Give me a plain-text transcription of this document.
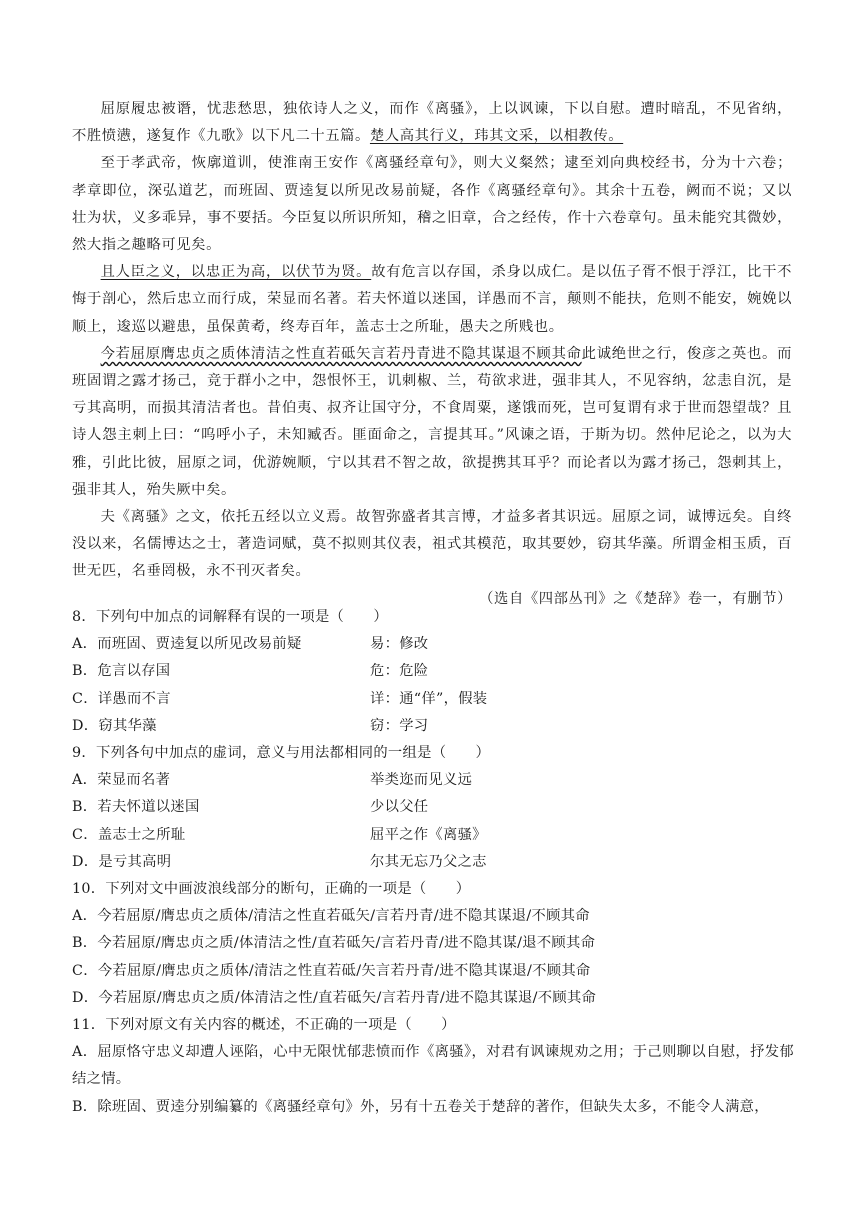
屈原履忠被谮，忧悲愁思，独依诗人之义，而作《离骚》，上以讽谏，下以自慰。遭时暗乱，不见省纳，不胜愤懑，遂复作《九歌》以下凡二十五篇。楚人高其行义，玮其文采，以相教传。

至于孝武帝，恢廓道训，使淮南王安作《离骚经章句》，则大义粲然；逮至刘向典校经书，分为十六卷；孝章即位，深弘道艺，而班固、贾逵复以所见改易前疑，各作《离骚经章句》。其余十五卷，阙而不说；又以壮为状，义多乖异，事不要括。今臣复以所识所知，稽之旧章，合之经传，作十六卷章句。虽未能究其微妙，然大指之趣略可见矣。

且人臣之义，以忠正为高，以伏节为贤。故有危言以存国，杀身以成仁。是以伍子胥不恨于浮江，比干不悔于剖心，然后忠立而行成，荣显而名著。若夫怀道以迷国，详愚而不言，颠则不能扶，危则不能安，婉娩以顺上，逡巡以避患，虽保黄耇，终寿百年，盖志士之所耻，愚夫之所贱也。

今若屈原膺忠贞之质体清洁之性直若砥矢言若丹青进不隐其谋退不顾其命此诚绝世之行，俊彦之英也。而班固谓之露才扬己，竞于群小之中，怨恨怀王，讥刺椒、兰，苟欲求进，强非其人，不见容纳，忿恚自沉，是亏其高明，而损其清洁者也。昔伯夷、叔齐让国守分，不食周粟，遂饿而死，岂可复谓有求于世而怨望哉？且诗人怨主刺上曰：“呜呼小子，未知臧否。匪面命之，言提其耳。”风谏之语，于斯为切。然仲尼论之，以为大雅，引此比彼，屈原之词，优游婉顺，宁以其君不智之故，欲提携其耳乎？而论者以为露才扬己，怨刺其上，强非其人，殆失厥中矣。

夫《离骚》之文，依托五经以立义焉。故智弥盛者其言博，才益多者其识远。屈原之词，诚博远矣。自终没以来，名儒博达之士，著造词赋，莫不拟则其仪表，祖式其模范，取其要妙，窃其华藻。所谓金相玉质，百世无匹，名垂罔极，永不刊灭者矣。

（选自《四部丛刊》之《楚辞》卷一，有删节）

8．下列句中加点的词解释有误的一项是（　　）

A．而班固、贾逵复以所见改易前疑	易：修改
B．危言以存国	危：危险
C．详愚而不言	详：通“佯”，假装
D．窃其华藻	窃：学习

9．下列各句中加点的虚词，意义与用法都相同的一组是（　　）

A．荣显而名著	举类迩而见义远
B．若夫怀道以迷国	少以父任
C．盖志士之所耻	屈平之作《离骚》
D．是亏其高明	尔其无忘乃父之志

10．下列对文中画波浪线部分的断句，正确的一项是（　　）

A．今若屈原/膺忠贞之质体/清洁之性直若砥矢/言若丹青/进不隐其谋退/不顾其命

B．今若屈原/膺忠贞之质/体清洁之性/直若砥矢/言若丹青/进不隐其谋/退不顾其命

C．今若屈原/膺忠贞之质体/清洁之性直若砥/矢言若丹青/进不隐其谋退/不顾其命

D．今若屈原/膺忠贞之质/体清洁之性/直若砥矢/言若丹青/进不隐其谋退/不顾其命

11．下列对原文有关内容的概述，不正确的一项是（　　）

A．屈原恪守忠义却遭人诬陷，心中无限忧郁悲愤而作《离骚》，对君有讽谏规劝之用；于己则聊以自慰，抒发郁结之情。

B．除班固、贾逵分别编纂的《离骚经章句》外，另有十五卷关于楚辞的著作，但缺失太多，不能令人满意，
